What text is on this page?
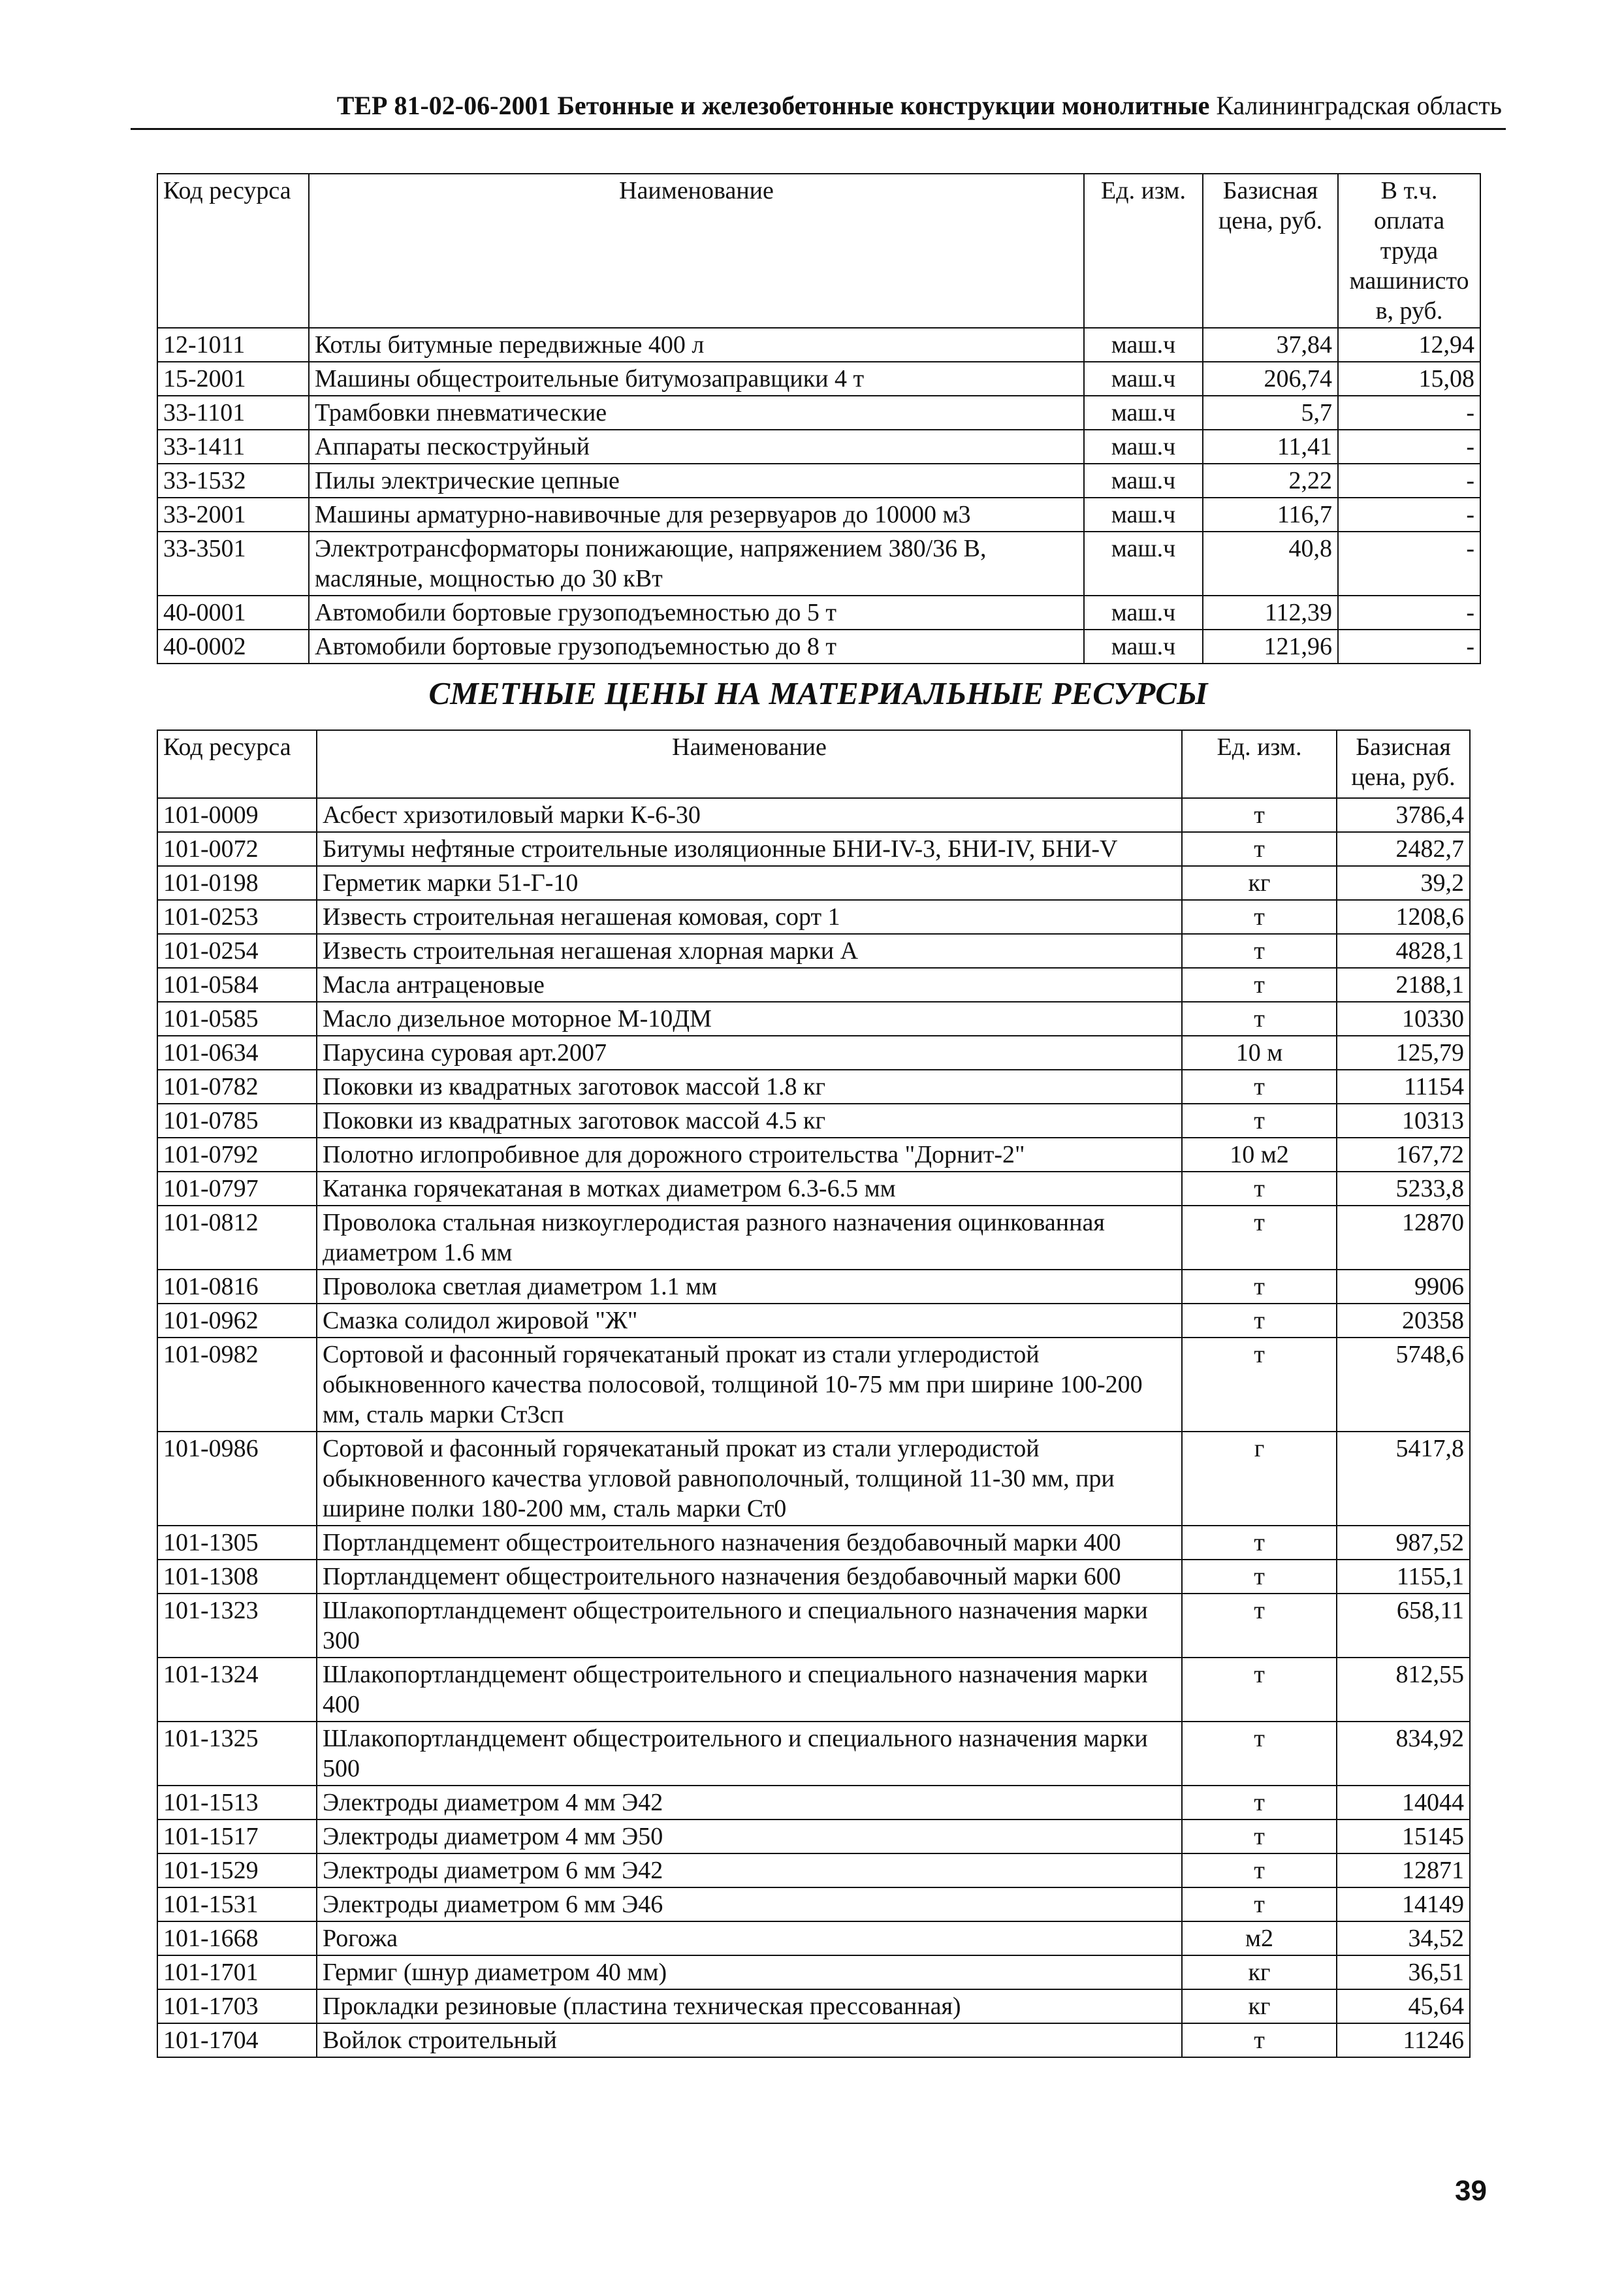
ТЕР 81-02-06-2001 Бетонные и железобетонные конструкции монолитные Калининградская область
Код ресурса	Наименование	Ед. изм.	Базисная цена, руб.	В т.ч. оплата труда машинистов, руб.
12-1011	Котлы битумные передвижные 400 л	маш.ч	37,84	12,94
15-2001	Машины общестроительные битумозаправщики 4 т	маш.ч	206,74	15,08
33-1101	Трамбовки пневматические	маш.ч	5,7	-
33-1411	Аппараты пескоструйный	маш.ч	11,41	-
33-1532	Пилы электрические цепные	маш.ч	2,22	-
33-2001	Машины арматурно-навивочные для резервуаров до 10000 м3	маш.ч	116,7	-
33-3501	Электротрансформаторы понижающие, напряжением 380/36 В, масляные, мощностью до 30 кВт	маш.ч	40,8	-
40-0001	Автомобили бортовые грузоподъемностью до 5 т	маш.ч	112,39	-
40-0002	Автомобили бортовые грузоподъемностью до 8 т	маш.ч	121,96	-
СМЕТНЫЕ ЦЕНЫ НА МАТЕРИАЛЬНЫЕ РЕСУРСЫ
Код ресурса	Наименование	Ед. изм.	Базисная цена, руб.
101-0009	Асбест хризотиловый марки К-6-30	т	3786,4
101-0072	Битумы нефтяные строительные изоляционные БНИ-IV-3, БНИ-IV, БНИ-V	т	2482,7
101-0198	Герметик марки 51-Г-10	кг	39,2
101-0253	Известь строительная негашеная комовая, сорт 1	т	1208,6
101-0254	Известь строительная негашеная хлорная марки А	т	4828,1
101-0584	Масла антраценовые	т	2188,1
101-0585	Масло дизельное моторное М-10ДМ	т	10330
101-0634	Парусина суровая арт.2007	10 м	125,79
101-0782	Поковки из квадратных заготовок массой 1.8 кг	т	11154
101-0785	Поковки из квадратных заготовок массой 4.5 кг	т	10313
101-0792	Полотно иглопробивное для дорожного строительства "Дорнит-2"	10 м2	167,72
101-0797	Катанка горячекатаная в мотках диаметром 6.3-6.5 мм	т	5233,8
101-0812	Проволока стальная низкоуглеродистая разного назначения оцинкованная диаметром 1.6 мм	т	12870
101-0816	Проволока светлая диаметром 1.1 мм	т	9906
101-0962	Смазка солидол жировой "Ж"	т	20358
101-0982	Сортовой и фасонный горячекатаный прокат из стали углеродистой обыкновенного качества полосовой, толщиной 10-75 мм при ширине 100-200 мм, сталь марки Ст3сп	т	5748,6
101-0986	Сортовой и фасонный горячекатаный прокат из стали углеродистой обыкновенного качества угловой равнополочный, толщиной 11-30 мм, при ширине полки 180-200 мм, сталь марки Ст0	г	5417,8
101-1305	Портландцемент общестроительного назначения бездобавочный марки 400	т	987,52
101-1308	Портландцемент общестроительного назначения бездобавочный марки 600	т	1155,1
101-1323	Шлакопортландцемент общестроительного и специального назначения марки 300	т	658,11
101-1324	Шлакопортландцемент общестроительного и специального назначения марки 400	т	812,55
101-1325	Шлакопортландцемент общестроительного и специального назначения марки 500	т	834,92
101-1513	Электроды диаметром 4 мм Э42	т	14044
101-1517	Электроды диаметром 4 мм Э50	т	15145
101-1529	Электроды диаметром 6 мм Э42	т	12871
101-1531	Электроды диаметром 6 мм Э46	т	14149
101-1668	Рогожа	м2	34,52
101-1701	Гермиг (шнур диаметром 40 мм)	кг	36,51
101-1703	Прокладки резиновые (пластина техническая прессованная)	кг	45,64
101-1704	Войлок строительный	т	11246
39
